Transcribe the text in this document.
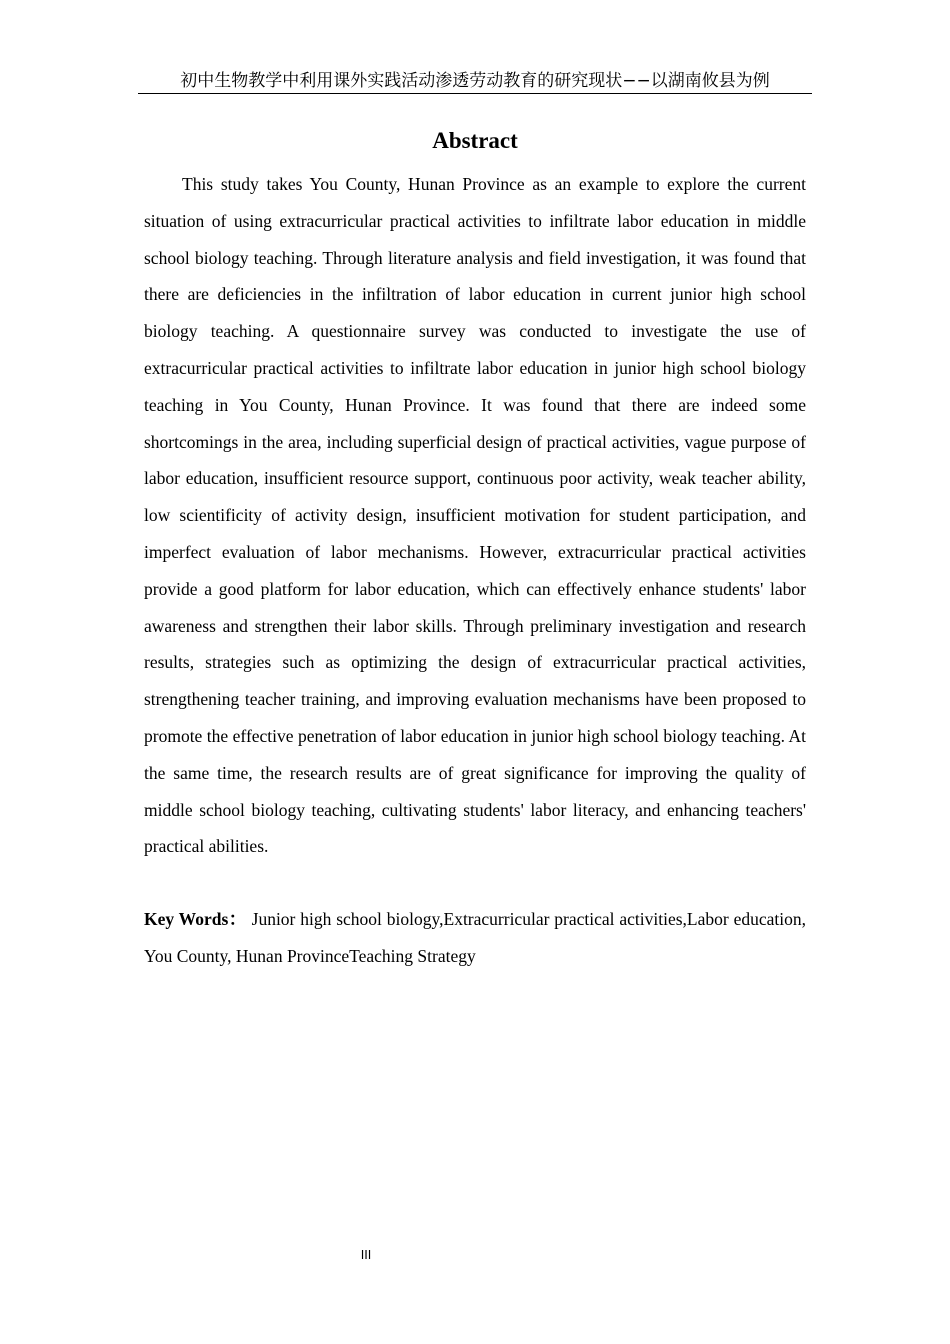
初中生物教学中利用课外实践活动渗透劳动教育的研究现状−−以湖南攸县为例
Abstract

This study takes You County, Hunan Province as an example to explore the current situation of using extracurricular practical activities to infiltrate labor education in middle school biology teaching. Through literature analysis and field investigation, it was found that there are deficiencies in the infiltration of labor education in current junior high school biology teaching. A questionnaire survey was conducted to investigate the use of extracurricular practical activities to infiltrate labor education in junior high school biology teaching in You County, Hunan Province. It was found that there are indeed some shortcomings in the area, including superficial design of practical activities, vague purpose of labor education, insufficient resource support, continuous poor activity, weak teacher ability, low scientificity of activity design, insufficient motivation for student participation, and imperfect evaluation of labor mechanisms. However, extracurricular practical activities provide a good platform for labor education, which can effectively enhance students' labor awareness and strengthen their labor skills. Through preliminary investigation and research results, strategies such as optimizing the design of extracurricular practical activities, strengthening teacher training, and improving evaluation mechanisms have been proposed to promote the effective penetration of labor education in junior high school biology teaching. At the same time, the research results are of great significance for improving the quality of middle school biology teaching, cultivating students' labor literacy, and enhancing teachers' practical abilities.

Key Words： Junior high school biology,Extracurricular practical activities,Labor education, You County, Hunan ProvinceTeaching Strategy

III
